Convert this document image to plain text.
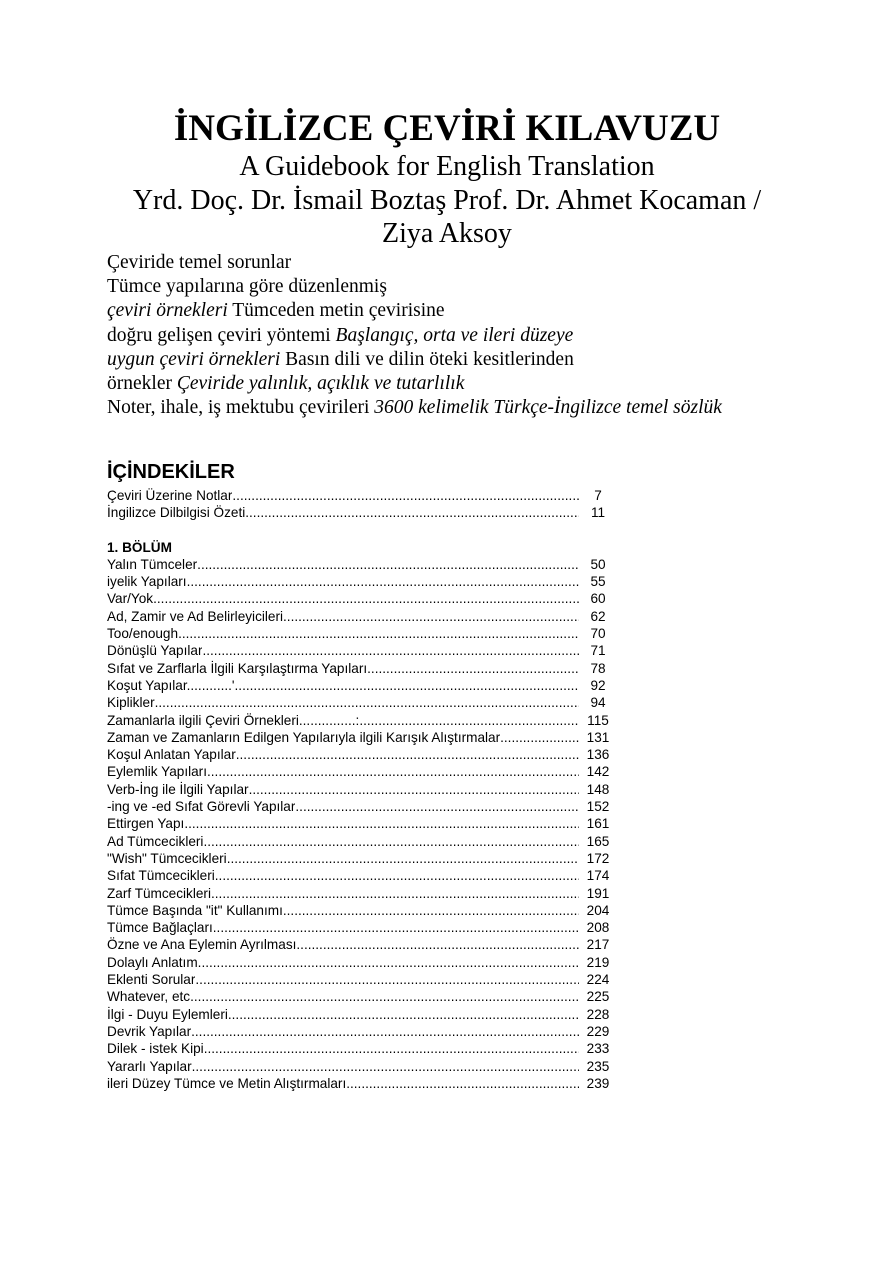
İNGİLİZCE ÇEVİRİ KILAVUZU

A Guidebook for English Translation

Yrd. Doç. Dr. İsmail Boztaş Prof. Dr. Ahmet Kocaman /

Ziya Aksoy

Çeviride temel sorunlar
Tümce yapılarına göre düzenlenmiş
çeviri örnekleri Tümceden metin çevirisine
doğru gelişen çeviri yöntemi Başlangıç, orta ve ileri düzeye
uygun çeviri örnekleri Basın dili ve dilin öteki kesitlerinden
örnekler Çeviride yalınlık, açıklık ve tutarlılık
Noter, ihale, iş mektubu çevirileri 3600 kelimelik Türkçe-İngilizce temel sözlük

İÇİNDEKİLER

Çeviri Üzerine Notlar .....	7
İngilizce Dilbilgisi Özeti .....	11
1. BÖLÜM
Yalın Tümceler .....	50
iyelik Yapıları .....	55
Var/Yok .....	60
Ad, Zamir ve Ad Belirleyicileri .....	62
Too/enough .....	70
Dönüşlü Yapılar .....	71
Sıfat ve Zarflarla İlgili Karşılaştırma Yapıları .....	78
Koşut Yapılar............' .....	92
Kiplikler .....	94
Zamanlarla ilgili Çeviri Örnekleri...............: .....	115
Zaman ve Zamanların Edilgen Yapılarıyla ilgili Karışık Alıştırmalar .....	131
Koşul Anlatan Yapılar .....	136
Eylemlik Yapıları .....	142
Verb-İng ile İlgili Yapılar .....	148
-ing ve -ed Sıfat Görevli Yapılar .....	152
Ettirgen Yapı .....	161
Ad Tümcecikleri .....	165
"Wish" Tümcecikleri .....	172
Sıfat Tümcecikleri .....	174
Zarf Tümcecikleri .....	191
Tümce Başında "it" Kullanımı .....	204
Tümce Bağlaçları .....	208
Özne ve Ana Eylemin Ayrılması .....	217
Dolaylı Anlatım .....	219
Eklenti Sorular .....	224
Whatever, etc .....	225
İlgi - Duyu Eylemleri .....	228
Devrik Yapılar .....	229
Dilek - istek Kipi .....	233
Yararlı Yapılar .....	235
ileri Düzey Tümce ve Metin Alıştırmaları .....	239
